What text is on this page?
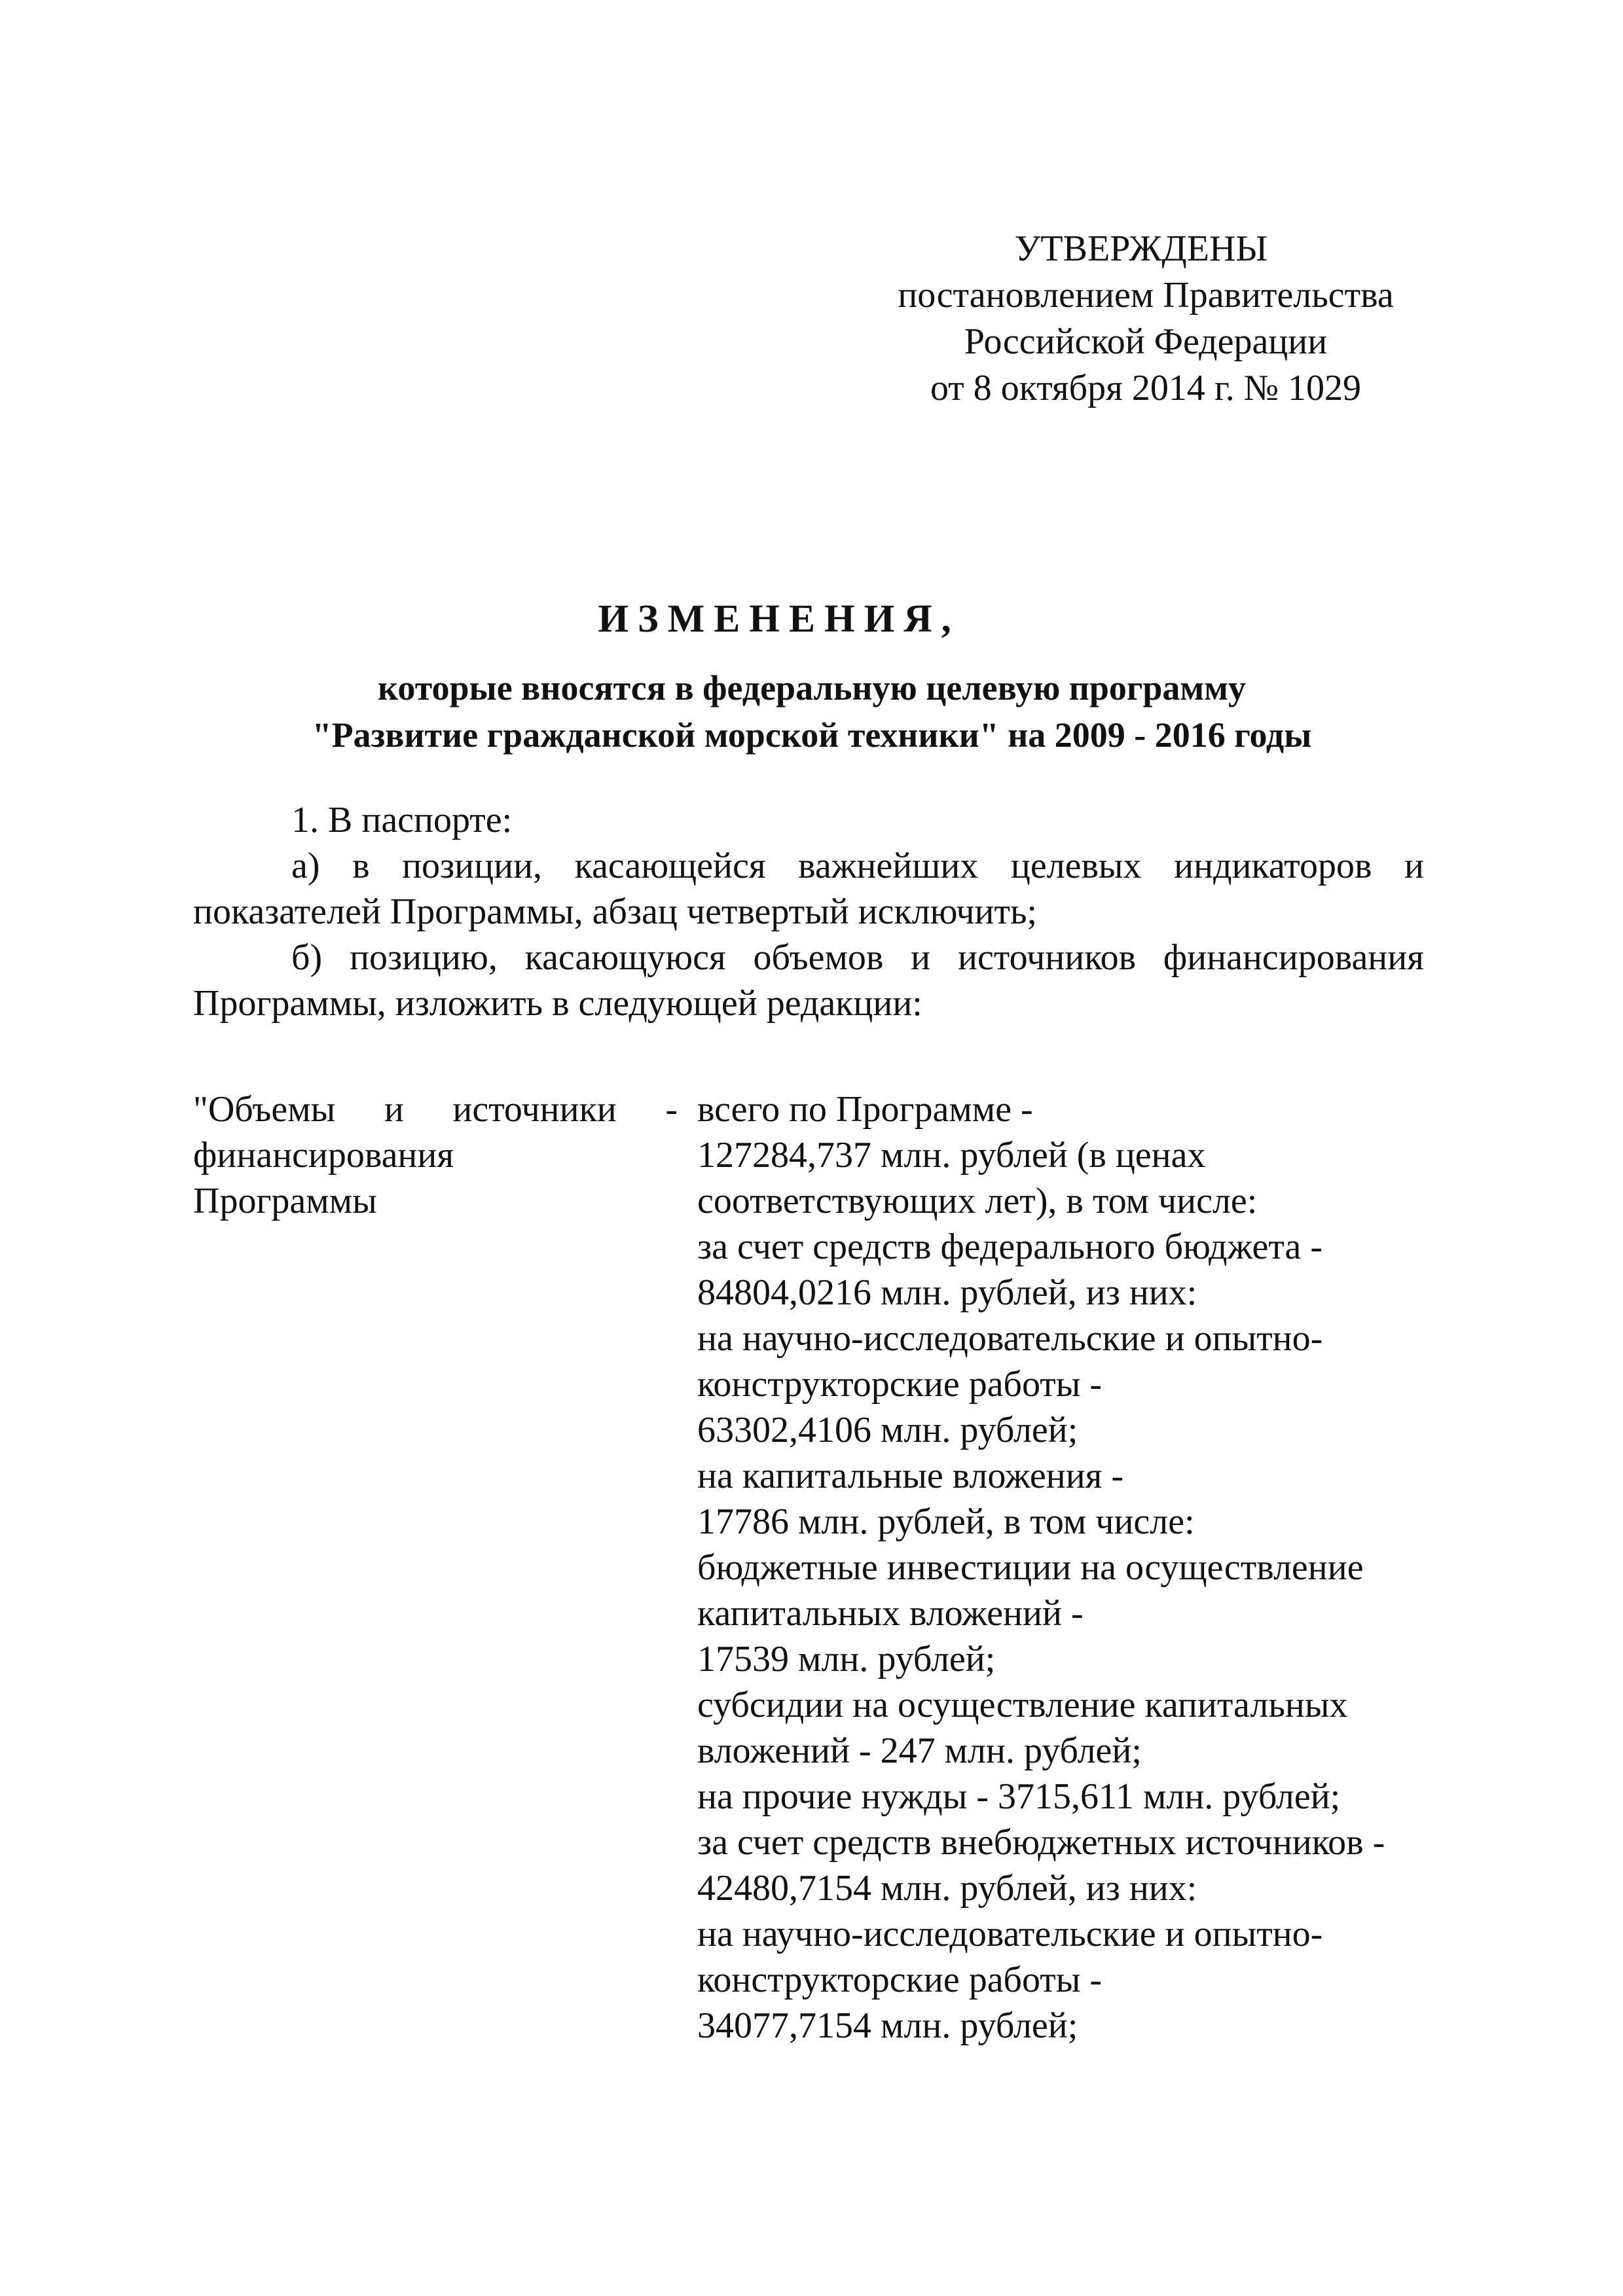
УТВЕРЖДЕНЫ
постановлением Правительства
Российской Федерации
от 8 октября 2014 г. № 1029
ИЗМЕНЕНИЯ,
которые вносятся в федеральную целевую программу
"Развитие гражданской морской техники" на 2009 - 2016 годы
1. В паспорте:
а) в позиции, касающейся важнейших целевых индикаторов и показателей Программы, абзац четвертый исключить;
б) позицию, касающуюся объемов и источников финансирования Программы, изложить в следующей редакции:
"Объемы и источники -
финансирования
Программы
всего по Программе -
127284,737 млн. рублей (в ценах
соответствующих лет), в том числе:
за счет средств федерального бюджета -
84804,0216 млн. рублей, из них:
на научно-исследовательские и опытно-
конструкторские работы -
63302,4106 млн. рублей;
на капитальные вложения -
17786 млн. рублей, в том числе:
бюджетные инвестиции на осуществление
капитальных вложений -
17539 млн. рублей;
субсидии на осуществление капитальных
вложений - 247 млн. рублей;
на прочие нужды - 3715,611 млн. рублей;
за счет средств внебюджетных источников -
42480,7154 млн. рублей, из них:
на научно-исследовательские и опытно-
конструкторские работы -
34077,7154 млн. рублей;
